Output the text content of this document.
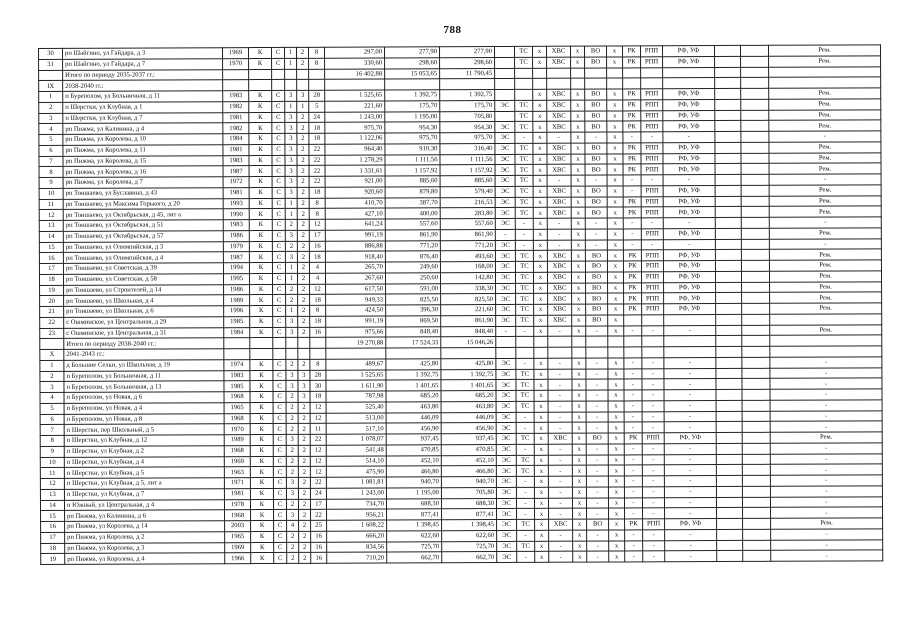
788
30	рп Шайгино, ул Гайдара, д 3	1969	К	С	1	2	8	297,00	277,90	277,90		ТС	х	ХВС	х	ВО	х	РК	РПП	РФ, УФ			Рем.
31	рп Шайгино, ул Гайдара, д 7	1970	К	С	1	2	8	330,60	298,60	298,60		ТС	х	ХВС	х	ВО	х	РК	РПП	РФ, УФ			Рем.
	Итого по периоду 2035-2037 гг.:							16 402,88	15 053,65	11 790,45													
IX	2038-2040 гг.:																						
1	п Буреполом, ул Больничная, д 11	1983	К	С	3	3	28	1 525,65	1 392,75	1 392,75			х	ХВС	х	ВО	х	РК	РПП	РФ, УФ			Рем.
2	п Шерстки, ул Клубная, д 1	1982	К	С	1	1	5	221,60	175,70	175,70	ЭС	ТС	х	ХВС	х	ВО	х	РК	РПП	РФ, УФ			Рем.
3	п Шерстки, ул Клубная, д 7	1981	К	С	3	2	24	1 243,00	1 195,00	705,80		ТС	х	ХВС	х	ВО	х	РК	РПП	РФ, УФ			Рем.
4	рп Пижма, ул Калинина, д 4	1982	К	С	3	2	18	975,70	954,30	954,30	ЭС	ТС	х	ХВС	х	ВО	х	РК	РПП	РФ, УФ			Рем.
5	рп Пижма, ул Королева, д 10	1984	К	С	3	2	18	1 122,06	975,70	975,70	ЭС	-	х	-	х	-	х	-	-	-			-
6	рп Пижма, ул Королева, д 11	1981	К	С	3	2	22	964,40	910,30	316,40	ЭС	ТС	х	ХВС	х	ВО	х	РК	РПП	РФ, УФ			Рем.
7	рп Пижма, ул Королева, д 15	1983	К	С	3	2	22	1 278,29	1 111,56	1 111,56	ЭС	ТС	х	ХВС	х	ВО	х	РК	РПП	РФ, УФ			Рем.
8	рп Пижма, ул Королева, д 16	1987	К	С	3	2	22	1 331,61	1 157,92	1 157,92	ЭС	ТС	х	ХВС	х	ВО	х	РК	РПП	РФ, УФ			Рем.
9	рп Пижма, ул Королева, д 7	1972	К	С	3	2	22	921,00	885,60	885,60	ЭС	ТС	х	-	х	-	х	-	-	-			-
10	рп Тоншаево, ул Буславина, д 43	1981	К	С	3	2	18	920,60	879,80	579,40	ЭС	ТС	х	ХВС	х	ВО	х	-	РПП	РФ, УФ			Рем.
11	рп Тоншаево, ул Максима Горького, д 20	1993	К	С	1	2	8	410,70	387,70	216,53	ЭС	ТС	х	ХВС	х	ВО	х	РК	РПП	РФ, УФ			Рем.
12	рп Тоншаево, ул Октябрьская, д 45, лит а	1990	К	С	1	2	8	427,10	400,00	283,80	ЭС	ТС	х	ХВС	х	ВО	х	РК	РПП	РФ, УФ			Рем.
13	рп Тоншаево, ул Октябрьская, д 51	1983	К	С	2	2	12	641,24	557,60	557,60	ЭС	-	х	-	х	-	х	-	-	-			-
14	рп Тоншаево, ул Октябрьская, д 57	1986	К	С	3	2	17	991,19	861,90	861,90	-	-	х	-	х	-	х	-	РПП	РФ, УФ			Рем.
15	рп Тоншаево, ул Олимпийская, д 3	1979	К	С	2	2	16	886,88	771,20	771,20	ЭС	-	х	-	х	-	х	-	-	-			-
16	рп Тоншаево, ул Олимпийская, д 4	1987	К	С	3	2	18	918,40	876,40	493,60	ЭС	ТС	х	ХВС	х	ВО	х	РК	РПП	РФ, УФ			Рем.
17	рп Тоншаево, ул Советская, д 39	1994	К	С	1	2	4	265,70	249,60	168,00	ЭС	ТС	х	ХВС	х	ВО	х	РК	РПП	РФ, УФ			Рем.
18	рп Тоншаево, ул Советская, д 58	1995	К	С	1	2	4	267,60	250,60	142,80	ЭС	ТС	х	ХВС	х	ВО	х	РК	РПП	РФ, УФ			Рем.
19	рп Тоншаево, ул Строителей, д 14	1986	К	С	2	2	12	617,50	591,00	338,30	ЭС	ТС	х	ХВС	х	ВО	х	РК	РПП	РФ, УФ			Рем.
20	рп Тоншаево, ул Школьная, д 4	1989	К	С	2	2	18	949,33	825,50	825,50	ЭС	ТС	х	ХВС	х	ВО	х	РК	РПП	РФ, УФ			Рем.
21	рп Тоншаево, ул Школьная, д 6	1996	К	С	1	2	8	424,50	396,30	221,60	ЭС	ТС	х	ХВС	х	ВО	х	РК	РПП	РФ, УФ			Рем.
22	с Ошминское, ул Центральная, д 29	1985	К	С	3	2	18	991,19	869,50	861,90	ЭС	ТС	х	ХВС	х	ВО	х						
23	с Ошминское, ул Центральная, д 31	1984	К	С	3	2	16	975,66	848,40	848,40	-	-	х	-	х	-	х	-	-	-			Рем.
	Итого по периоду 2038-2040 гг.:							19 270,88	17 524,33	15 046,26													
X	2041-2043 гг.:																						
1	д Большие Селки, ул Школьная, д 19	1974	К	С	2	2	8	489,67	425,80	425,80	ЭС	-	х	-	х	-	х	-	-	-			-
2	п Буреполом, ул Больничная, д 11	1983	К	С	3	3	28	1 525,65	1 392,75	1 392,75	ЭС	ТС	х	-	х	-	х	-	-	-			-
3	п Буреполом, ул Больничная, д 13	1985	К	С	3	3	30	1 611,90	1 401,65	1 401,65	ЭС	ТС	х	-	х	-	х	-	-	-			-
4	п Буреполом, ул Новая, д 6	1968	К	С	2	3	18	787,98	685,20	685,20	ЭС	ТС	х	-	х	-	х	-	-	-			-
5	п Буреполом, ул Новая, д 4	1965	К	С	2	2	12	525,40	463,80	463,80	ЭС	ТС	х	-	х	-	х	-	-	-			-
6	п Буреполом, ул Новая, д 8	1968	К	С	2	2	12	513,00	446,09	446,09	ЭС	-	х	-	х	-	х	-	-	-			-
7	п Шерстки, пер Школьный, д 5	1970	К	С	2	2	11	517,10	456,90	456,90	ЭС	-	х	-	х	-	х	-	-	-			-
8	п Шерстки, ул Клубная, д 12	1989	К	С	3	2	22	1 078,07	937,45	937,45	ЭС	ТС	х	ХВС	х	ВО	х	РК	РПП	РФ, УФ			Рем.
9	п Шерстки, ул Клубная, д 2	1968	К	С	2	2	12	541,48	470,85	470,85	ЭС	-	х	-	х	-	х	-	-	-			-
10	п Шерстки, ул Клубная, д 4	1969	К	С	2	2	12	514,10	452,10	452,10	ЭС	ТС	х	-	х	-	х	-	-	-			-
11	п Шерстки, ул Клубная, д 5	1963	К	С	2	2	12	475,90	466,80	466,80	ЭС	ТС	х	-	х	-	х	-	-	-			-
12	п Шерстки, ул Клубная, д 5, лит а	1971	К	С	3	2	22	1 081,81	940,70	940,70	ЭС	-	х	-	х	-	х	-	-	-			-
13	п Шерстки, ул Клубная, д 7	1981	К	С	3	2	24	1 243,00	1 195,00	705,80	ЭС	-	х	-	х	-	х	-	-	-			-
14	п Южный, ул Центральная, д 4	1978	К	С	2	2	17	734,70	688,30	688,30	ЭС	-	х	-	х	-	х	-	-	-			-
15	рп Пижма, ул Калинина, д 6	1968	К	С	3	2	22	956,21	877,41	877,41	ЭС	-	х	-	х	-	х	-	-	-			-
16	рп Пижма, ул Королева, д 14	2003	К	С	4	2	25	1 608,22	1 398,45	1 398,45	ЭС	ТС	х	ХВС	х	ВО	х	РК	РПП	РФ, УФ			Рем.
17	рп Пижма, ул Королева, д 2	1965	К	С	2	2	16	666,20	622,60	622,60	ЭС	-	х	-	х	-	х	-	-	-			-
18	рп Пижма, ул Королева, д 3	1969	К	С	2	2	16	834,56	725,70	725,70	ЭС	ТС	х	-	х	-	х	-	-	-			-
19	рп Пижма, ул Королева, д 4	1966	К	С	2	2	16	710,20	662,70	662,70	ЭС	-	х	-	х	-	х	-	-	-			-
